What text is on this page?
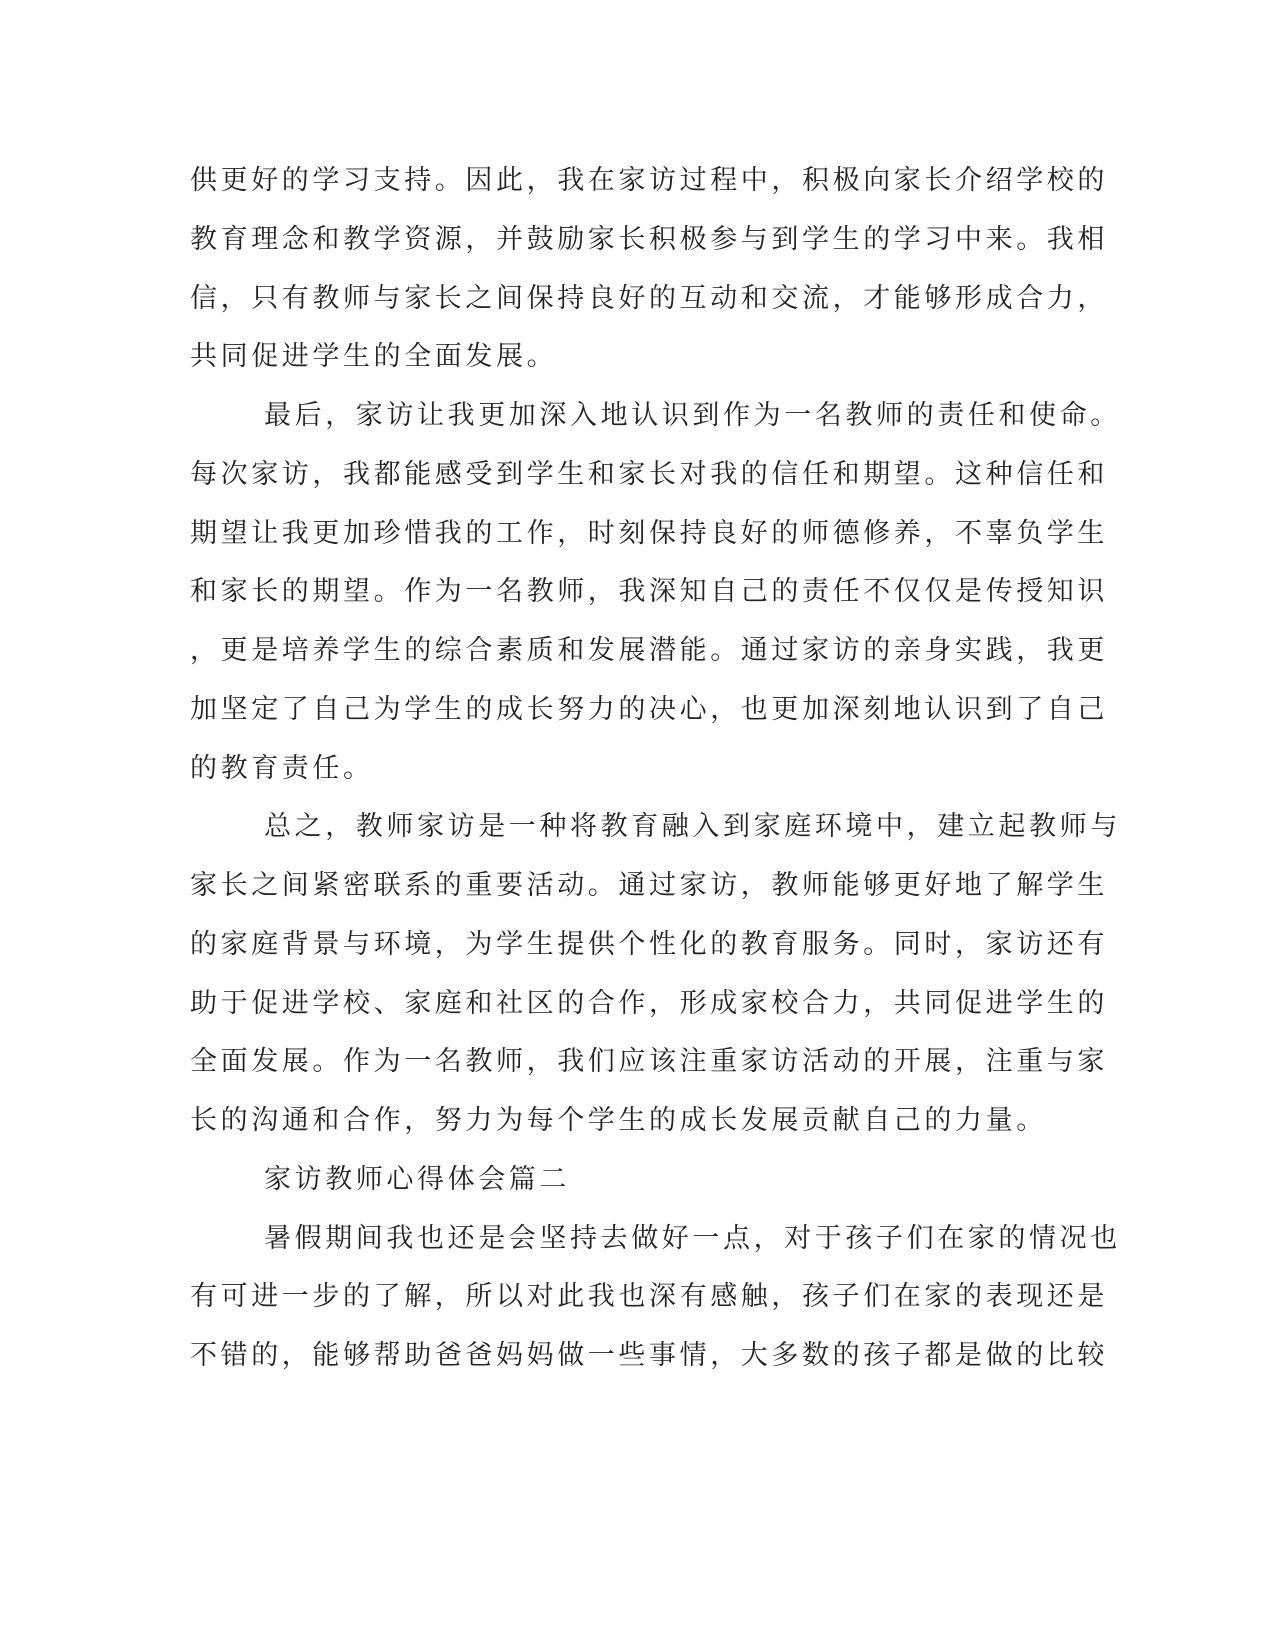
供更好的学习支持。因此，我在家访过程中，积极向家长介绍学校的
教育理念和教学资源，并鼓励家长积极参与到学生的学习中来。我相
信，只有教师与家长之间保持良好的互动和交流，才能够形成合力，
共同促进学生的全面发展。
最后，家访让我更加深入地认识到作为一名教师的责任和使命。
每次家访，我都能感受到学生和家长对我的信任和期望。这种信任和
期望让我更加珍惜我的工作，时刻保持良好的师德修养，不辜负学生
和家长的期望。作为一名教师，我深知自己的责任不仅仅是传授知识
，更是培养学生的综合素质和发展潜能。通过家访的亲身实践，我更
加坚定了自己为学生的成长努力的决心，也更加深刻地认识到了自己
的教育责任。
总之，教师家访是一种将教育融入到家庭环境中，建立起教师与
家长之间紧密联系的重要活动。通过家访，教师能够更好地了解学生
的家庭背景与环境，为学生提供个性化的教育服务。同时，家访还有
助于促进学校、家庭和社区的合作，形成家校合力，共同促进学生的
全面发展。作为一名教师，我们应该注重家访活动的开展，注重与家
长的沟通和合作，努力为每个学生的成长发展贡献自己的力量。
家访教师心得体会篇二
暑假期间我也还是会坚持去做好一点，对于孩子们在家的情况也
有可进一步的了解，所以对此我也深有感触，孩子们在家的表现还是
不错的，能够帮助爸爸妈妈做一些事情，大多数的孩子都是做的比较
